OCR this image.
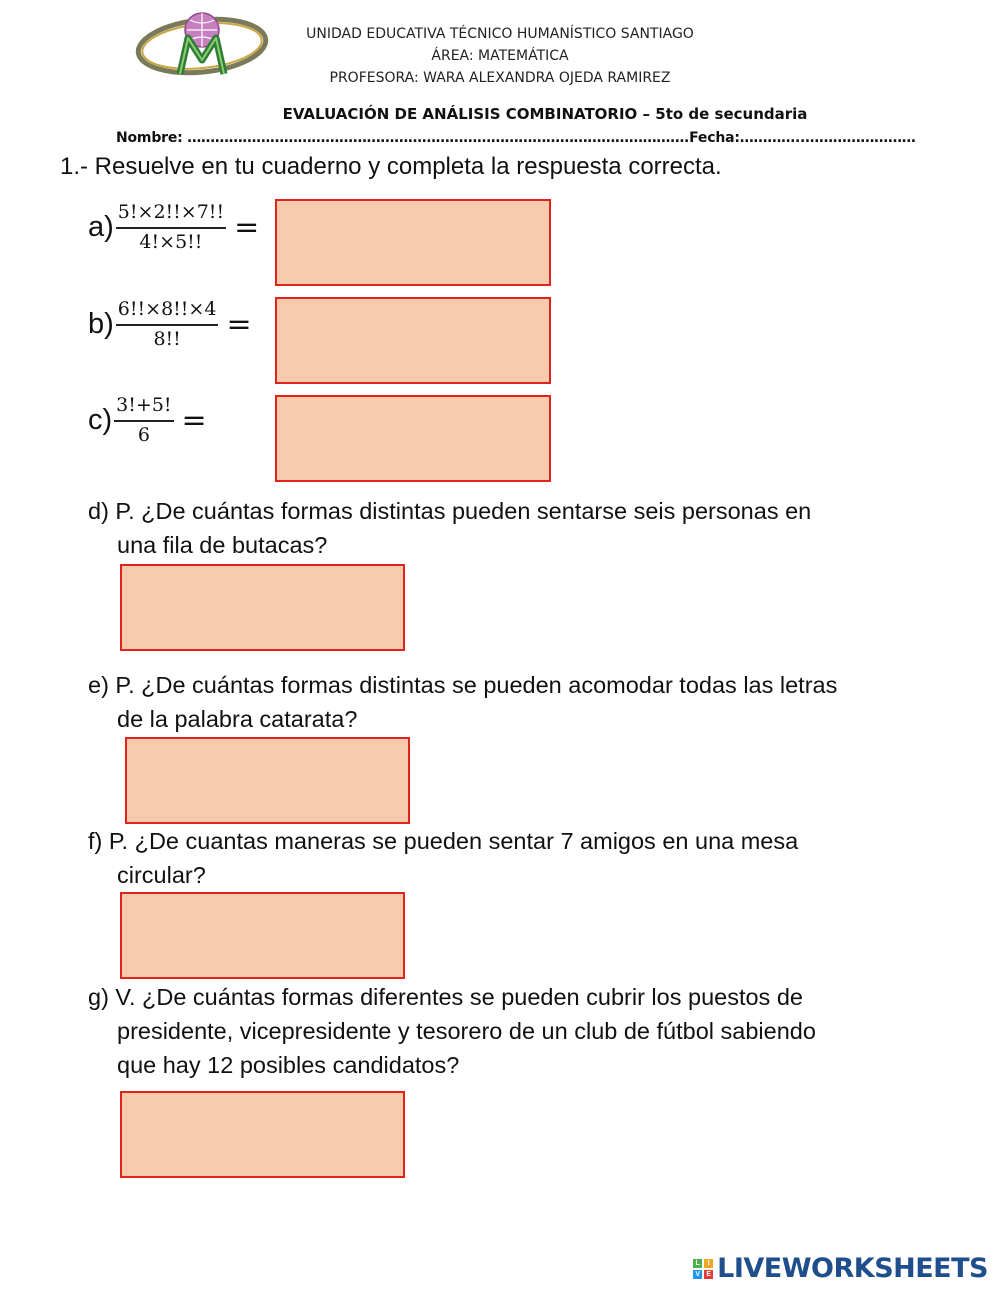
UNIDAD EDUCATIVA TÉCNICO HUMANÍSTICO SANTIAGO
ÁREA: MATEMÁTICA
PROFESORA: WARA ALEXANDRA OJEDA RAMIREZ
EVALUACIÓN DE ANÁLISIS COMBINATORIO – 5to de secundaria
Nombre: ……………………………………………………………………………………………….Fecha:…………..……………………
1.- Resuelve en tu cuaderno y completa la respuesta correcta.
$a) \frac{5!\times 2!!\times 7!!}{4!\times 5!!}$ =
$b) \frac{6!!\times 8!!\times 4}{8!!}$ =
$c) \frac{3!+5!}{6}$ =
d) P. ¿De cuántas formas distintas pueden sentarse seis personas en
una fila de butacas?
e) P. ¿De cuántas formas distintas se pueden acomodar todas las letras
de la palabra catarata?
f) P. ¿De cuantas maneras se pueden sentar 7 amigos en una mesa
circular?
g) V. ¿De cuántas formas diferentes se pueden cubrir los puestos de
presidente, vicepresidente y tesorero de un club de fútbol sabiendo
que hay 12 posibles candidatos?
L	I
V E LIVEWORKSHEETS
